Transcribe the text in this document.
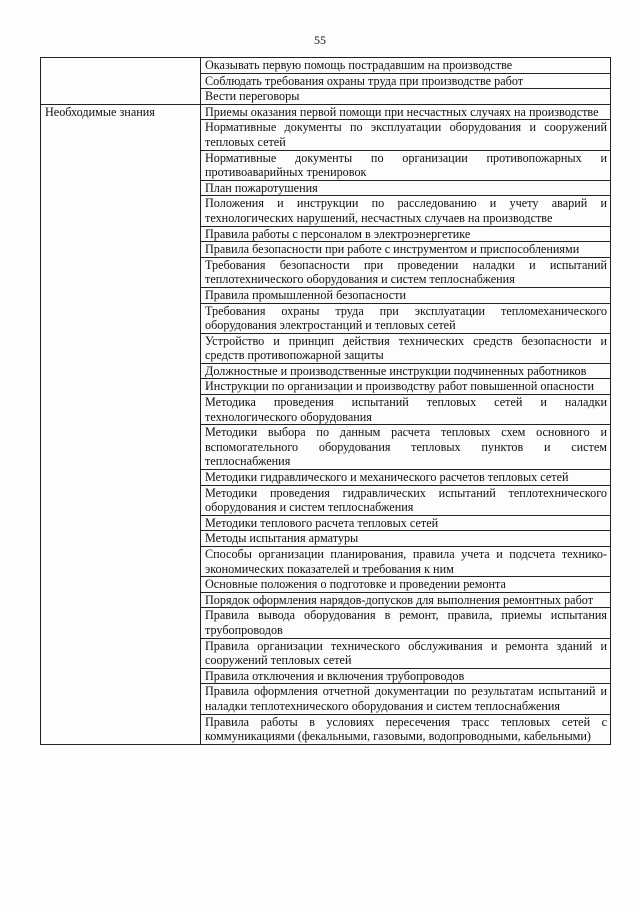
55
	Оказывать первую помощь пострадавшим на производстве
	Соблюдать требования охраны труда при производстве работ
	Вести переговоры
Необходимые знания	Приемы оказания первой помощи при несчастных случаях на производстве
	Нормативные документы по эксплуатации оборудования и сооружений тепловых сетей
	Нормативные документы по организации противопожарных и противоаварийных тренировок
	План пожаротушения
	Положения и инструкции по расследованию и учету аварий и технологических нарушений, несчастных случаев на производстве
	Правила работы с персоналом в электроэнергетике
	Правила безопасности при работе с инструментом и приспособлениями
	Требования безопасности при проведении наладки и испытаний теплотехнического оборудования и систем теплоснабжения
	Правила промышленной безопасности
	Требования охраны труда при эксплуатации тепломеханического оборудования электростанций и тепловых сетей
	Устройство и принцип действия технических средств безопасности и средств противопожарной защиты
	Должностные и производственные инструкции подчиненных работников
	Инструкции по организации и производству работ повышенной опасности
	Методика проведения испытаний тепловых сетей и наладки технологического оборудования
	Методики выбора по данным расчета тепловых схем основного и вспомогательного оборудования тепловых пунктов и систем теплоснабжения
	Методики гидравлического и механического расчетов тепловых сетей
	Методики проведения гидравлических испытаний теплотехнического оборудования и систем теплоснабжения
	Методики теплового расчета тепловых сетей
	Методы испытания арматуры
	Способы организации планирования, правила учета и подсчета технико-экономических показателей и требования к ним
	Основные положения о подготовке и проведении ремонта
	Порядок оформления нарядов-допусков для выполнения ремонтных работ
	Правила вывода оборудования в ремонт, правила, приемы испытания трубопроводов
	Правила организации технического обслуживания и ремонта зданий и сооружений тепловых сетей
	Правила отключения и включения трубопроводов
	Правила оформления отчетной документации по результатам испытаний и наладки теплотехнического оборудования и систем теплоснабжения
	Правила работы в условиях пересечения трасс тепловых сетей с коммуникациями (фекальными, газовыми, водопроводными, кабельными)
